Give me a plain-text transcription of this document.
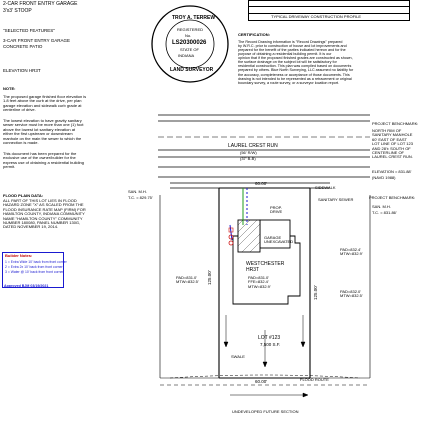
2-CAR FRONT ENTRY GARAGE
3'x3' STOOP
"SELECTED FEATURES"
3-CAR FRONT ENTRY GARAGE
CONCRETE PATIO
ELEVATION HR3T
NOTE:
The proposed garage finished floor elevation is
1.8 feet above the curb at the drive, per plan
garage elevation and sidewalk curb grade at
centerline of drive.
The lowest elevation to have gravity sanitary
sewer service must be more than one (1) foot
above the lowest lot sanitary elevation at
either the first upstream or downstream
manhole on the main the sewer to which the
connection is made.
This document has been prepared for the
exclusive use of the owner/builder for the
express use of obtaining a residential building
permit.
FLOOD PLAIN DATA:
ALL PART OF THIS LOT LIES IN FLOOD
HAZARD ZONE "X" AS SCALED FROM THE
FLOOD INSURANCE RATE MAP (FIRM) FOR
HAMILTON COUNTY, INDIANA COMMUNITY
NAME "HAMILTON COUNTY" COMMUNITY
NUMBER 180080, PANEL NUMBER 130G,
DATED NOVEMBER 19, 2014.
Builder Notes:
1 = Extra Wide 10' back from front corner
2 = Extra 2x 10' back from front corner
3 = Water @ 10' back from front corner
Approved BJM 03/19/2021
TYPICAL DRIVEWAY CONSTRUCTION PROFILE
CERTIFICATION:
The Record Drawing information is "Record Drawings" prepared
by W.R.C. prior to construction of house and lot improvements and
prepared for the benefit of the parties indicated hereon and for the
purpose of obtaining a residential building permit. It is our
opinion that if the proposed finished grades are constructed as shown,
the surface drainage on the subject lot will be satisfactory for
residential construction. This plan was compiled based on documents
prepared by others. Blue North Surveying, LLC assumed no liability for
the accuracy, completeness or acceptance of those documents. This
drawing is not intended to be represented as a retracement or original
boundary survey, a route survey, or a surveyor location report.
PROJECT BENCHMARK:
NORTH RIM OF
SANITARY MANHOLE
60' EAST OF EAST
LOT LINE OF LOT 123
AND 28'± SOUTH OF
CENTERLINE OF
LAUREL CREST RUN.
ELEVATION = 831.88'
(NAVD 1988)
PROJECT BENCHMARK:
SAN. M.H.
T.C. = 831.86'
TROY A. TERREW
REGISTERED
No.
LS20300026
STATE OF
INDIANA
LAND SURVEYOR
LAUREL CREST RUN
(56' R/W)
(37' B-B)
60.00'
SIDEWALK
SANITARY SEWER
SAN. M.H.
T.C. = 829.75'
PROP.
DRIVE
GARAGE
UNEXCAVATED
WESTCHESTER
HR3T
PAD=831.0'
FFE=832.4'
MTW=832.9'
PAD=831.0'
MTW=832.5'
PAD=832.4'
MTW=832.9'
PAD=832.0'
MTW=832.5'
125.00'
125.00'
LOT #123
7,500 S.F.
SWALE
60.00'	FLOOD ROUTE
UNDEVELOPED FUTURE SECTION
